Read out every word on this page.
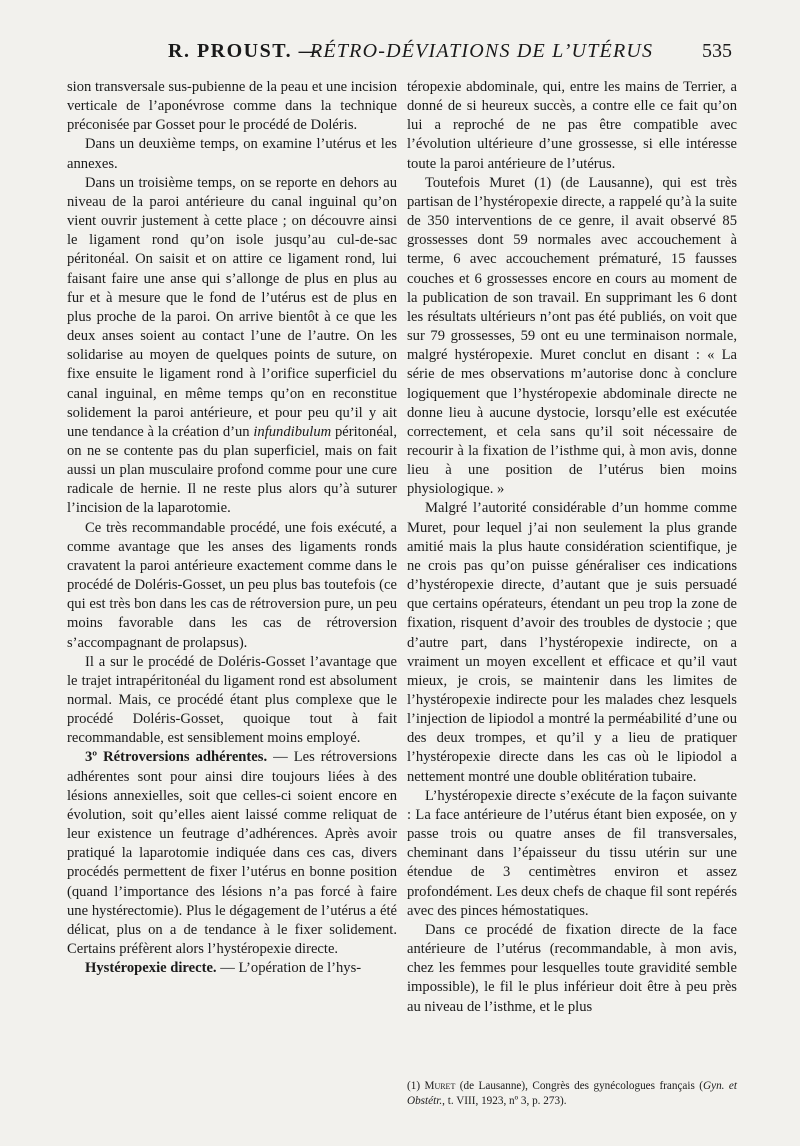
R. PROUST. —
RÉTRO-DÉVIATIONS DE L’UTÉRUS 535

sion transversale sus-pubienne de la peau et une incision verticale de l’aponévrose comme dans la technique préconisée par Gosset pour le procédé de Doléris.

Dans un deuxième temps, on examine l’utérus et les annexes.

Dans un troisième temps, on se reporte en dehors au niveau de la paroi antérieure du canal inguinal qu’on vient ouvrir justement à cette place ; on découvre ainsi le ligament rond qu’on isole jusqu’au cul-de-sac péritonéal. On saisit et on attire ce ligament rond, lui faisant faire une anse qui s’allonge de plus en plus au fur et à mesure que le fond de l’utérus est de plus en plus proche de la paroi. On arrive bientôt à ce que les deux anses soient au contact l’une de l’autre. On les solidarise au moyen de quelques points de suture, on fixe ensuite le ligament rond à l’orifice superficiel du canal inguinal, en même temps qu’on en reconstitue solidement la paroi antérieure, et pour peu qu’il y ait une tendance à la création d’un infundibulum péritonéal, on ne se contente pas du plan superficiel, mais on fait aussi un plan musculaire profond comme pour une cure radicale de hernie. Il ne reste plus alors qu’à suturer l’incision de la laparotomie.

Ce très recommandable procédé, une fois exécuté, a comme avantage que les anses des ligaments ronds cravatent la paroi antérieure exactement comme dans le procédé de Doléris-Gosset, un peu plus bas toutefois (ce qui est très bon dans les cas de rétroversion pure, un peu moins favorable dans les cas de rétroversion s’accompagnant de prolapsus).

Il a sur le procédé de Doléris-Gosset l’avantage que le trajet intrapéritonéal du ligament rond est absolument normal. Mais, ce procédé étant plus complexe que le procédé Doléris-Gosset, quoique tout à fait recommandable, est sensiblement moins employé.

3º Rétroversions adhérentes. — Les rétroversions adhérentes sont pour ainsi dire toujours liées à des lésions annexielles, soit que celles-ci soient encore en évolution, soit qu’elles aient laissé comme reliquat de leur existence un feutrage d’adhérences. Après avoir pratiqué la laparotomie indiquée dans ces cas, divers procédés permettent de fixer l’utérus en bonne position (quand l’importance des lésions n’a pas forcé à faire une hystérectomie). Plus le dégagement de l’utérus a été délicat, plus on a de tendance à le fixer solidement. Certains préfèrent alors l’hystéropexie directe.

Hystéropexie directe. — L’opération de l’hys-

téropexie abdominale, qui, entre les mains de Terrier, a donné de si heureux succès, a contre elle ce fait qu’on lui a reproché de ne pas être compatible avec l’évolution ultérieure d’une grossesse, si elle intéresse toute la paroi antérieure de l’utérus.

Toutefois Muret (1) (de Lausanne), qui est très partisan de l’hystéropexie directe, a rappelé qu’à la suite de 350 interventions de ce genre, il avait observé 85 grossesses dont 59 normales avec accouchement à terme, 6 avec accouchement prématuré, 15 fausses couches et 6 grossesses encore en cours au moment de la publication de son travail. En supprimant les 6 dont les résultats ultérieurs n’ont pas été publiés, on voit que sur 79 grossesses, 59 ont eu une terminaison normale, malgré hystéropexie. Muret conclut en disant : « La série de mes observations m’autorise donc à conclure logiquement que l’hystéropexie abdominale directe ne donne lieu à aucune dystocie, lorsqu’elle est exécutée correctement, et cela sans qu’il soit nécessaire de recourir à la fixation de l’isthme qui, à mon avis, donne lieu à une position de l’utérus bien moins physiologique. »

Malgré l’autorité considérable d’un homme comme Muret, pour lequel j’ai non seulement la plus grande amitié mais la plus haute considération scientifique, je ne crois pas qu’on puisse généraliser ces indications d’hystéropexie directe, d’autant que je suis persuadé que certains opérateurs, étendant un peu trop la zone de fixation, risquent d’avoir des troubles de dystocie ; que d’autre part, dans l’hystéropexie indirecte, on a vraiment un moyen excellent et efficace et qu’il vaut mieux, je crois, se maintenir dans les limites de l’hystéropexie indirecte pour les malades chez lesquels l’injection de lipiodol a montré la perméabilité d’une ou des deux trompes, et qu’il y a lieu de pratiquer l’hystéropexie directe dans les cas où le lipiodol a nettement montré une double oblitération tubaire.

L’hystéropexie directe s’exécute de la façon suivante : La face antérieure de l’utérus étant bien exposée, on y passe trois ou quatre anses de fil transversales, cheminant dans l’épaisseur du tissu utérin sur une étendue de 3 centimètres environ et assez profondément. Les deux chefs de chaque fil sont repérés avec des pinces hémostatiques.

Dans ce procédé de fixation directe de la face antérieure de l’utérus (recommandable, à mon avis, chez les femmes pour lesquelles toute gravidité semble impossible), le fil le plus inférieur doit être à peu près au niveau de l’isthme, et le plus

(1) Muret (de Lausanne), Congrès des gynécologues français (Gyn. et Obstétr., t. VIII, 1923, nº 3, p. 273).
